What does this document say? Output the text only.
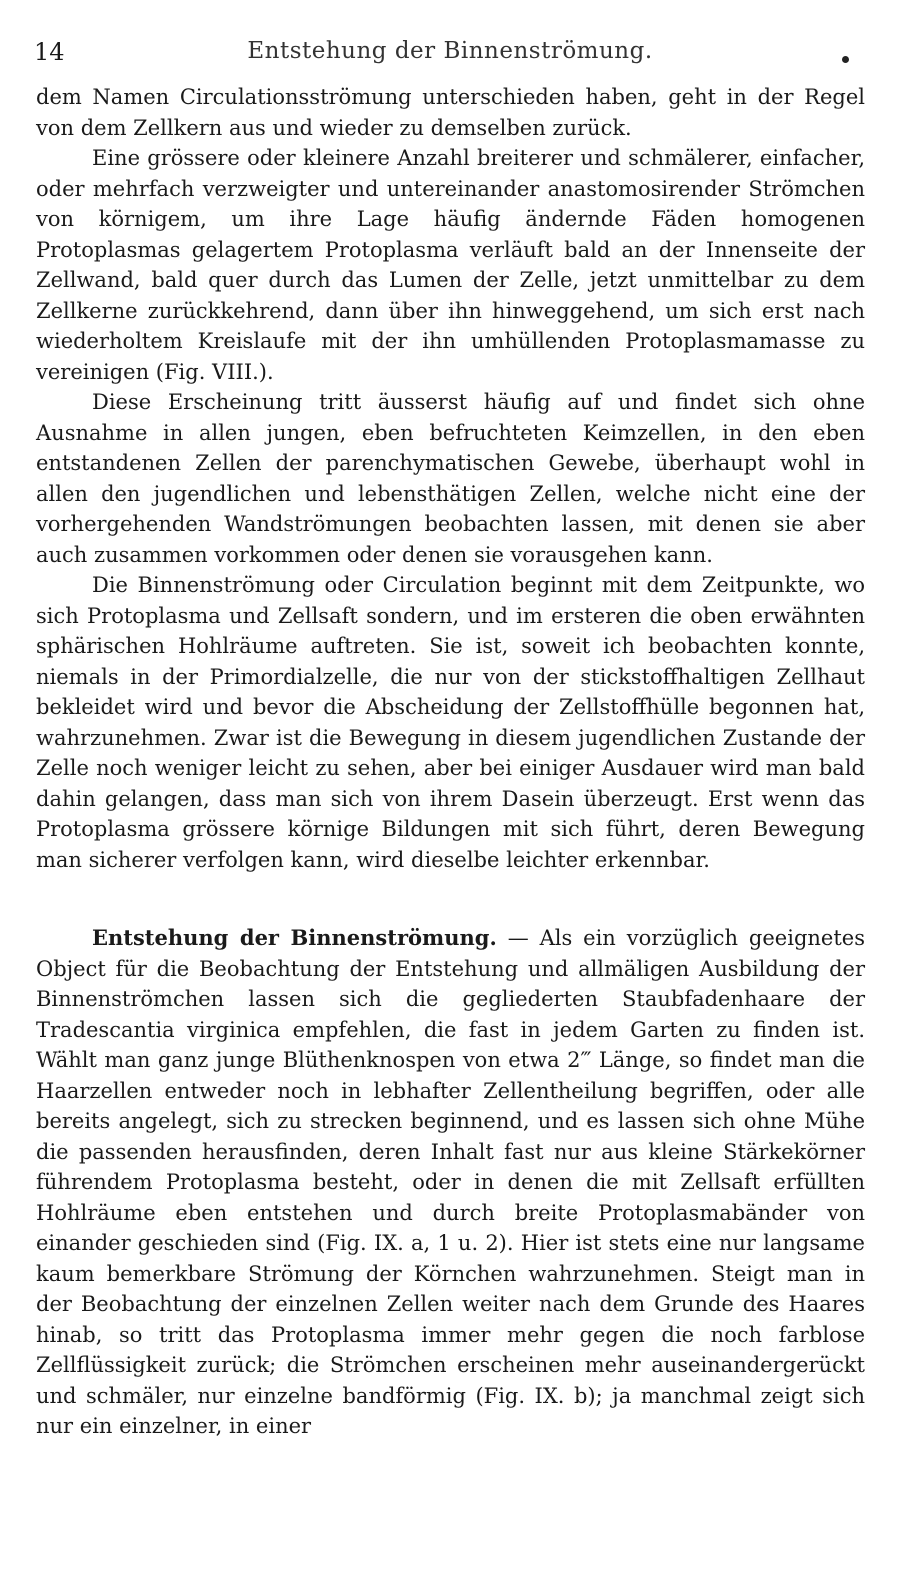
14	Entstehung der Binnenströmung.

dem Namen Circulationsströmung unterschieden haben, geht in der Regel von dem Zellkern aus und wieder zu demselben zurück.

Eine grössere oder kleinere Anzahl breiterer und schmälerer, einfacher, oder mehrfach verzweigter und untereinander anastomosirender Strömchen von körnigem, um ihre Lage häufig ändernde Fäden homogenen Protoplasmas gelagertem Protoplasma verläuft bald an der Innenseite der Zellwand, bald quer durch das Lumen der Zelle, jetzt unmittelbar zu dem Zellkerne zurückkehrend, dann über ihn hinweggehend, um sich erst nach wiederholtem Kreislaufe mit der ihn umhüllenden Protoplasmamasse zu vereinigen (Fig. VIII.).

Diese Erscheinung tritt äusserst häufig auf und findet sich ohne Ausnahme in allen jungen, eben befruchteten Keimzellen, in den eben entstandenen Zellen der parenchymatischen Gewebe, überhaupt wohl in allen den jugendlichen und lebensthätigen Zellen, welche nicht eine der vorhergehenden Wandströmungen beobachten lassen, mit denen sie aber auch zusammen vorkommen oder denen sie vorausgehen kann.

Die Binnenströmung oder Circulation beginnt mit dem Zeitpunkte, wo sich Protoplasma und Zellsaft sondern, und im ersteren die oben erwähnten sphärischen Hohlräume auftreten. Sie ist, soweit ich beobachten konnte, niemals in der Primordialzelle, die nur von der stickstoffhaltigen Zellhaut bekleidet wird und bevor die Abscheidung der Zellstoffhülle begonnen hat, wahrzunehmen. Zwar ist die Bewegung in diesem jugendlichen Zustande der Zelle noch weniger leicht zu sehen, aber bei einiger Ausdauer wird man bald dahin gelangen, dass man sich von ihrem Dasein überzeugt. Erst wenn das Protoplasma grössere körnige Bildungen mit sich führt, deren Bewegung man sicherer verfolgen kann, wird dieselbe leichter erkennbar.

Entstehung der Binnenströmung. — Als ein vorzüglich geeignetes Object für die Beobachtung der Entstehung und allmäligen Ausbildung der Binnenströmchen lassen sich die gegliederten Staubfadenhaare der Tradescantia virginica empfehlen, die fast in jedem Garten zu finden ist. Wählt man ganz junge Blüthenknospen von etwa 2‴ Länge, so findet man die Haarzellen entweder noch in lebhafter Zellentheilung begriffen, oder alle bereits angelegt, sich zu strecken beginnend, und es lassen sich ohne Mühe die passenden herausfinden, deren Inhalt fast nur aus kleine Stärkekörner führendem Protoplasma besteht, oder in denen die mit Zellsaft erfüllten Hohlräume eben entstehen und durch breite Protoplasmabänder von einander geschieden sind (Fig. IX. a, 1 u. 2). Hier ist stets eine nur langsame kaum bemerkbare Strömung der Körnchen wahrzunehmen. Steigt man in der Beobachtung der einzelnen Zellen weiter nach dem Grunde des Haares hinab, so tritt das Protoplasma immer mehr gegen die noch farblose Zellflüssigkeit zurück; die Strömchen erscheinen mehr auseinandergerückt und schmäler, nur einzelne bandförmig (Fig. IX. b); ja manchmal zeigt sich nur ein einzelner, in einer
